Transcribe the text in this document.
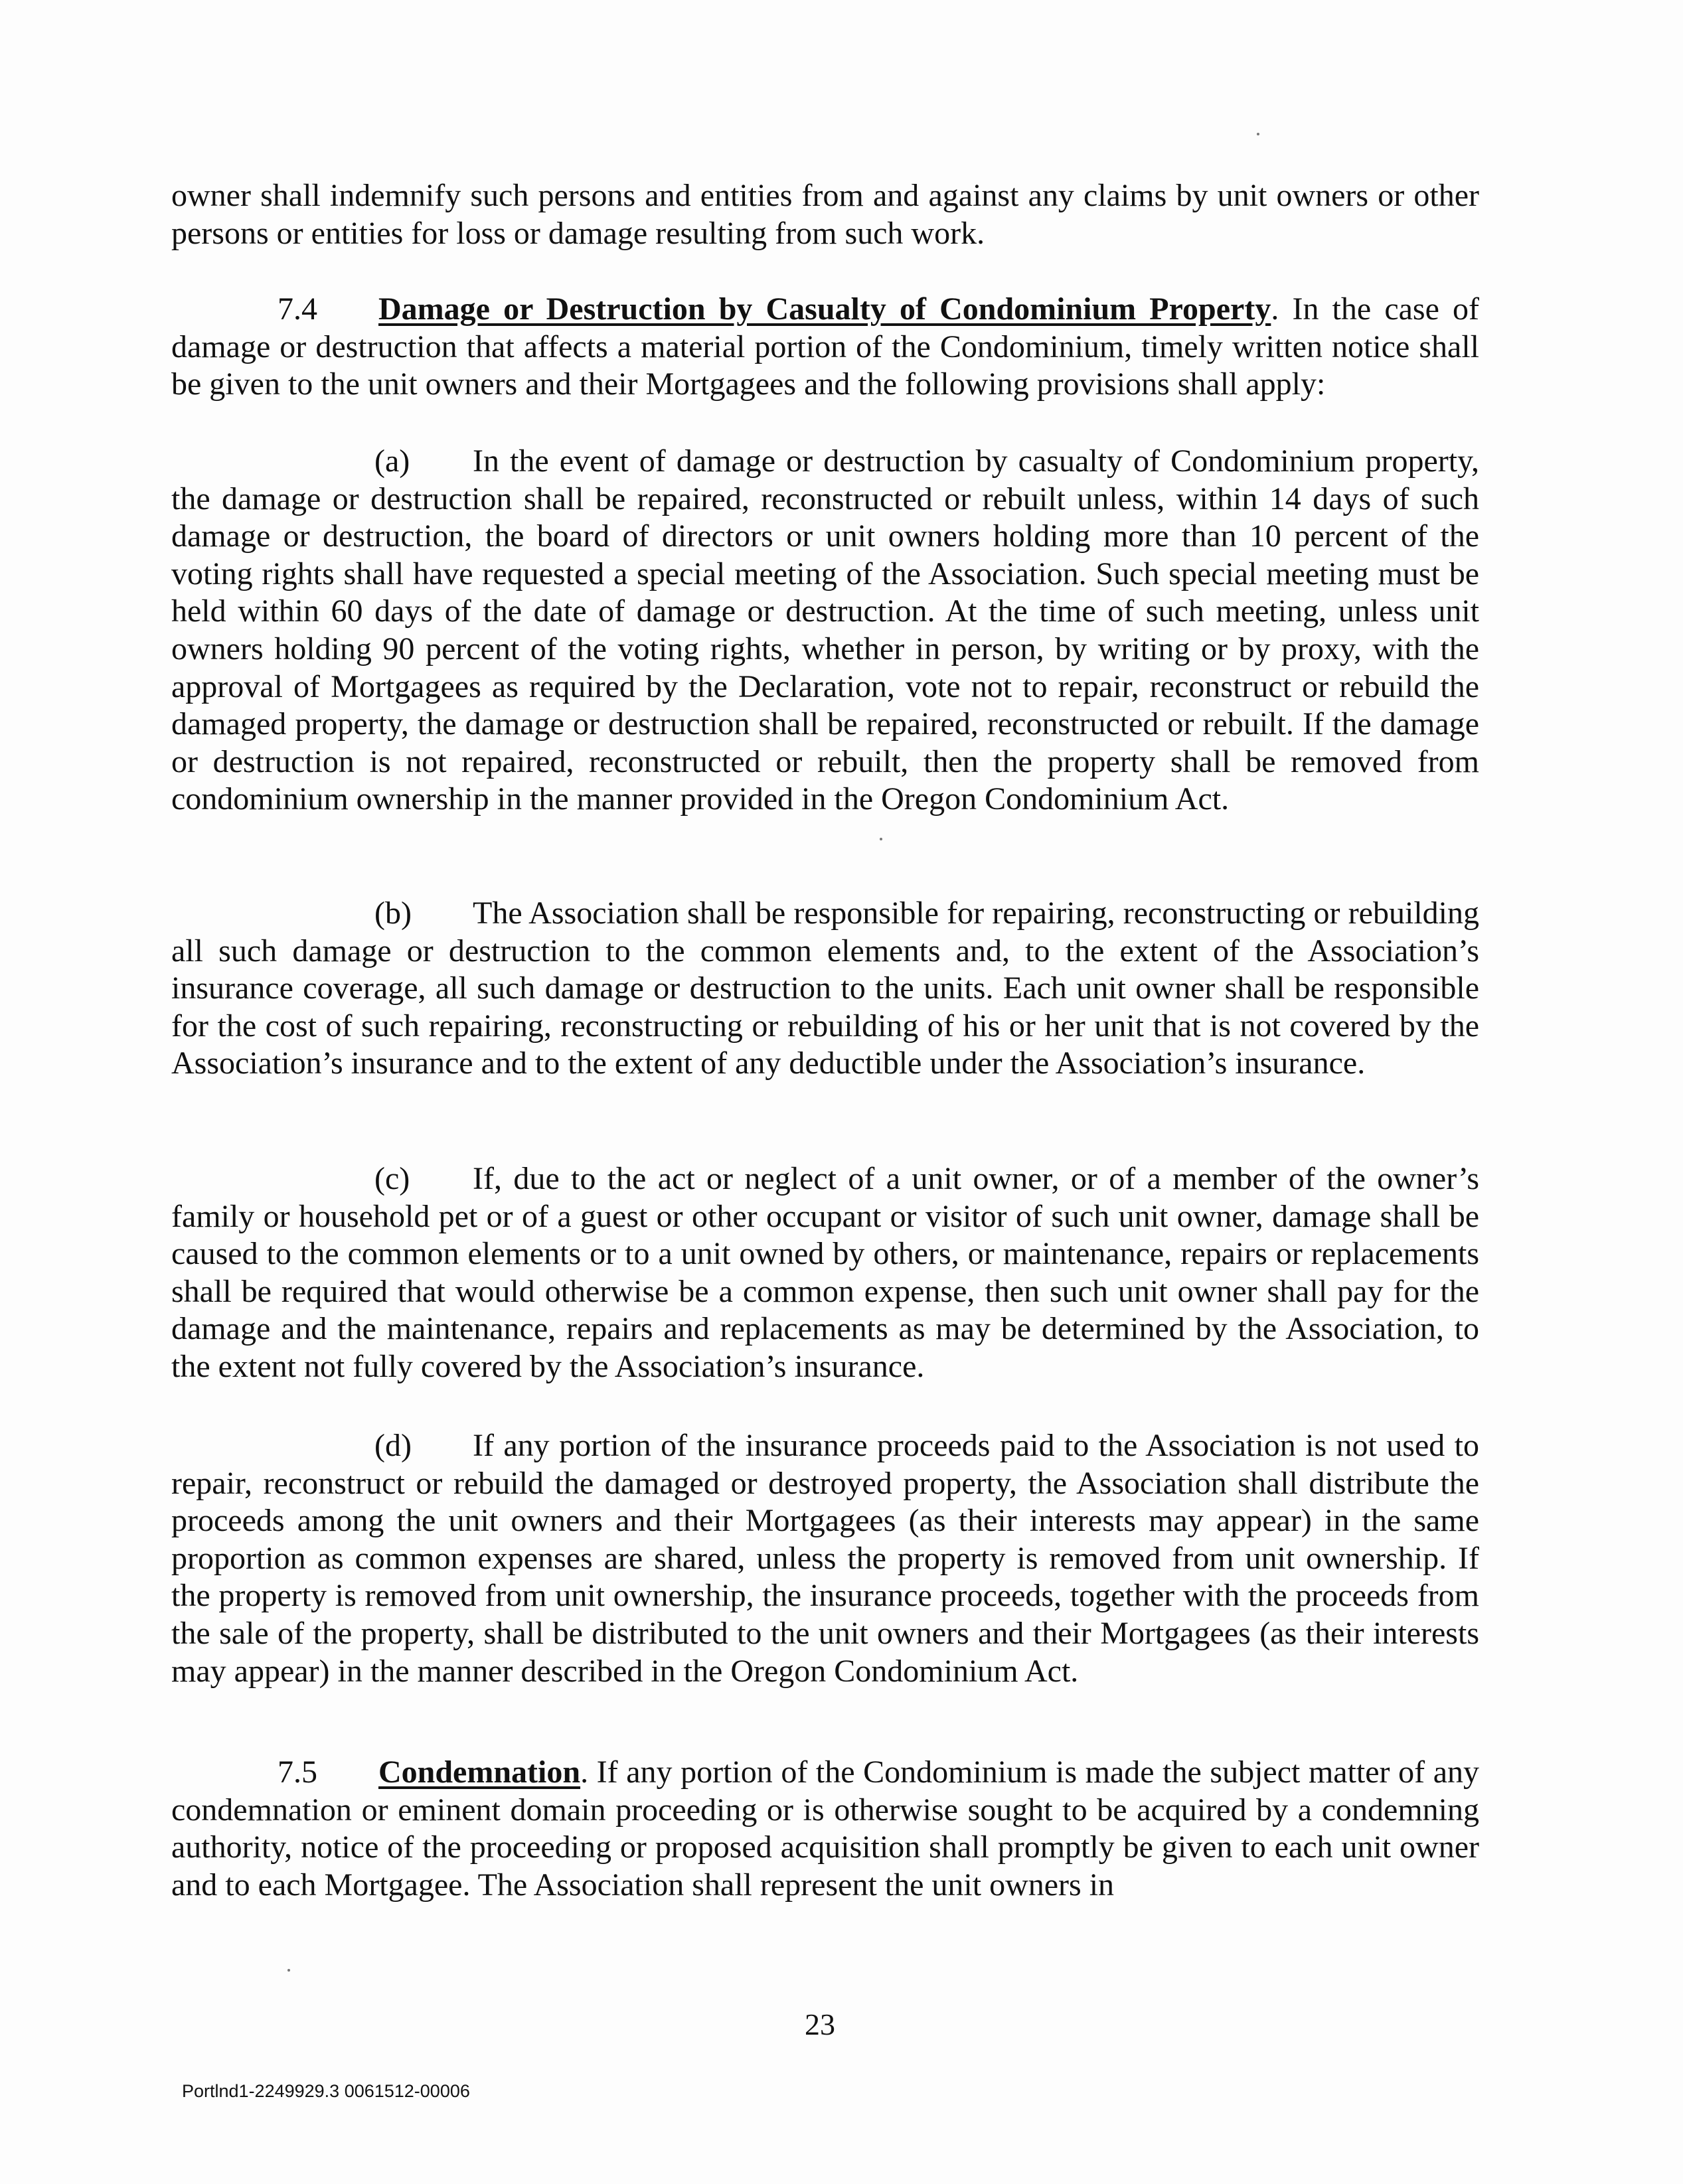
owner shall indemnify such persons and entities from and against any claims by unit owners or other persons or entities for loss or damage resulting from such work.

7.4 Damage or Destruction by Casualty of Condominium Property. In the case of damage or destruction that affects a material portion of the Condominium, timely written notice shall be given to the unit owners and their Mortgagees and the following provisions shall apply:

(a) In the event of damage or destruction by casualty of Condominium property, the damage or destruction shall be repaired, reconstructed or rebuilt unless, within 14 days of such damage or destruction, the board of directors or unit owners holding more than 10 percent of the voting rights shall have requested a special meeting of the Association. Such special meeting must be held within 60 days of the date of damage or destruction. At the time of such meeting, unless unit owners holding 90 percent of the voting rights, whether in person, by writing or by proxy, with the approval of Mortgagees as required by the Declaration, vote not to repair, reconstruct or rebuild the damaged property, the damage or destruction shall be repaired, reconstructed or rebuilt. If the damage or destruction is not repaired, reconstructed or rebuilt, then the property shall be removed from condominium ownership in the manner provided in the Oregon Condominium Act.

(b) The Association shall be responsible for repairing, reconstructing or rebuilding all such damage or destruction to the common elements and, to the extent of the Association’s insurance coverage, all such damage or destruction to the units. Each unit owner shall be responsible for the cost of such repairing, reconstructing or rebuilding of his or her unit that is not covered by the Association’s insurance and to the extent of any deductible under the Association’s insurance.

(c) If, due to the act or neglect of a unit owner, or of a member of the owner’s family or household pet or of a guest or other occupant or visitor of such unit owner, damage shall be caused to the common elements or to a unit owned by others, or maintenance, repairs or replacements shall be required that would otherwise be a common expense, then such unit owner shall pay for the damage and the maintenance, repairs and replacements as may be determined by the Association, to the extent not fully covered by the Association’s insurance.

(d) If any portion of the insurance proceeds paid to the Association is not used to repair, reconstruct or rebuild the damaged or destroyed property, the Association shall distribute the proceeds among the unit owners and their Mortgagees (as their interests may appear) in the same proportion as common expenses are shared, unless the property is removed from unit ownership. If the property is removed from unit ownership, the insurance proceeds, together with the proceeds from the sale of the property, shall be distributed to the unit owners and their Mortgagees (as their interests may appear) in the manner described in the Oregon Condominium Act.

7.5 Condemnation. If any portion of the Condominium is made the subject matter of any condemnation or eminent domain proceeding or is otherwise sought to be acquired by a condemning authority, notice of the proceeding or proposed acquisition shall promptly be given to each unit owner and to each Mortgagee. The Association shall represent the unit owners in

23
Portlnd1-2249929.3 0061512-00006
